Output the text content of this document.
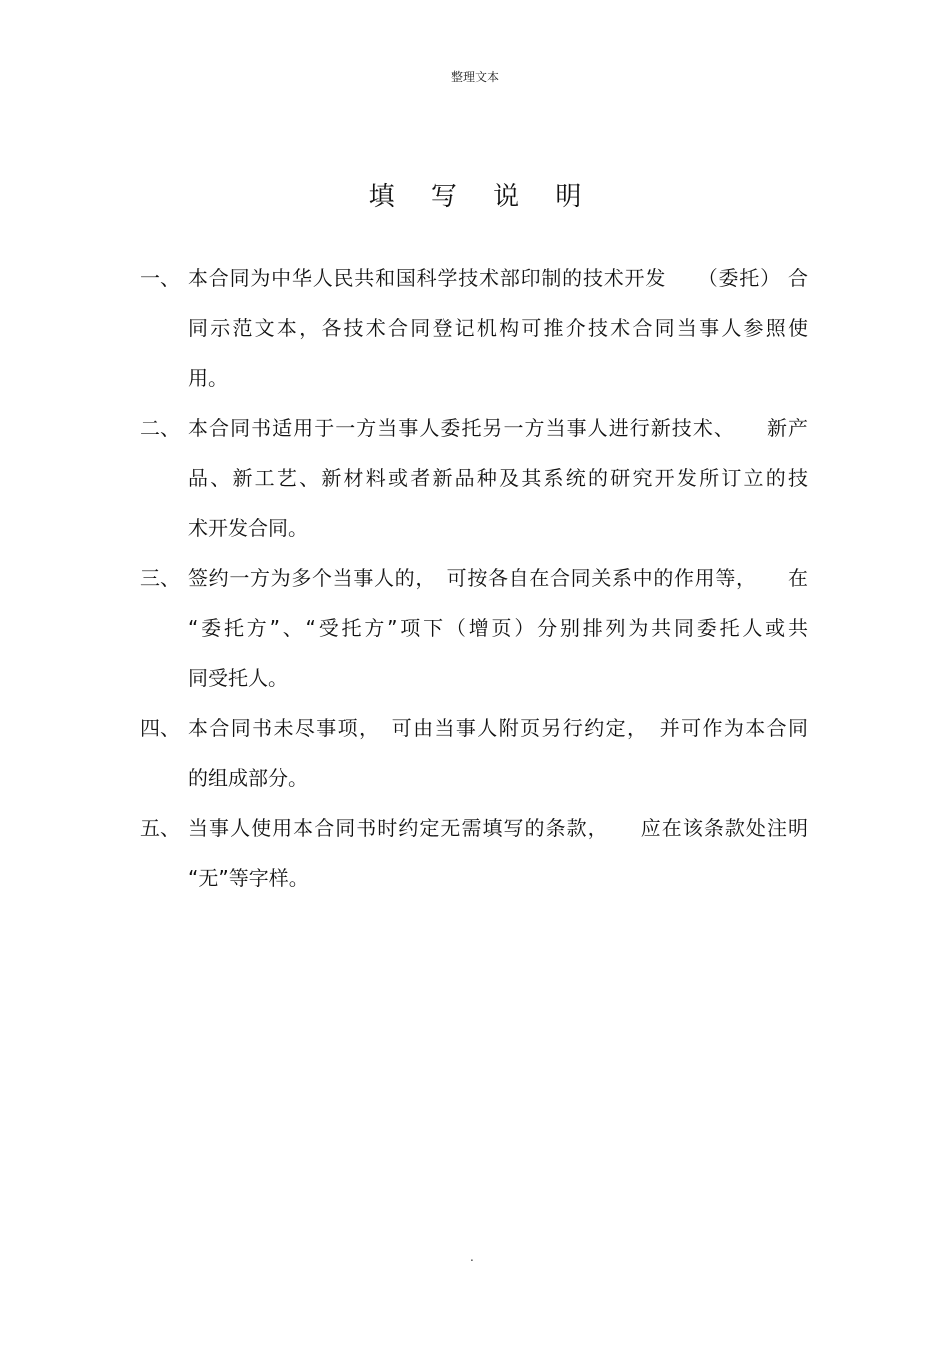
整理文本
填 写 说 明
一、 本合同为中华人民共和国科学技术部印制的技术开发　　（委托） 合
同示范文本，各技术合同登记机构可推介技术合同当事人参照使
用。
二、 本合同书适用于一方当事人委托另一方当事人进行新技术、　　新产
品、新工艺、新材料或者新品种及其系统的研究开发所订立的技
术开发合同。
三、 签约一方为多个当事人的，　可按各自在合同关系中的作用等，　　在
“委托方”、“受托方”项下（增页）分别排列为共同委托人或共
同受托人。
四、 本合同书未尽事项，　可由当事人附页另行约定，　并可作为本合同
的组成部分。
五、 当事人使用本合同书时约定无需填写的条款，　　应在该条款处注明
“无”等字样。
.
